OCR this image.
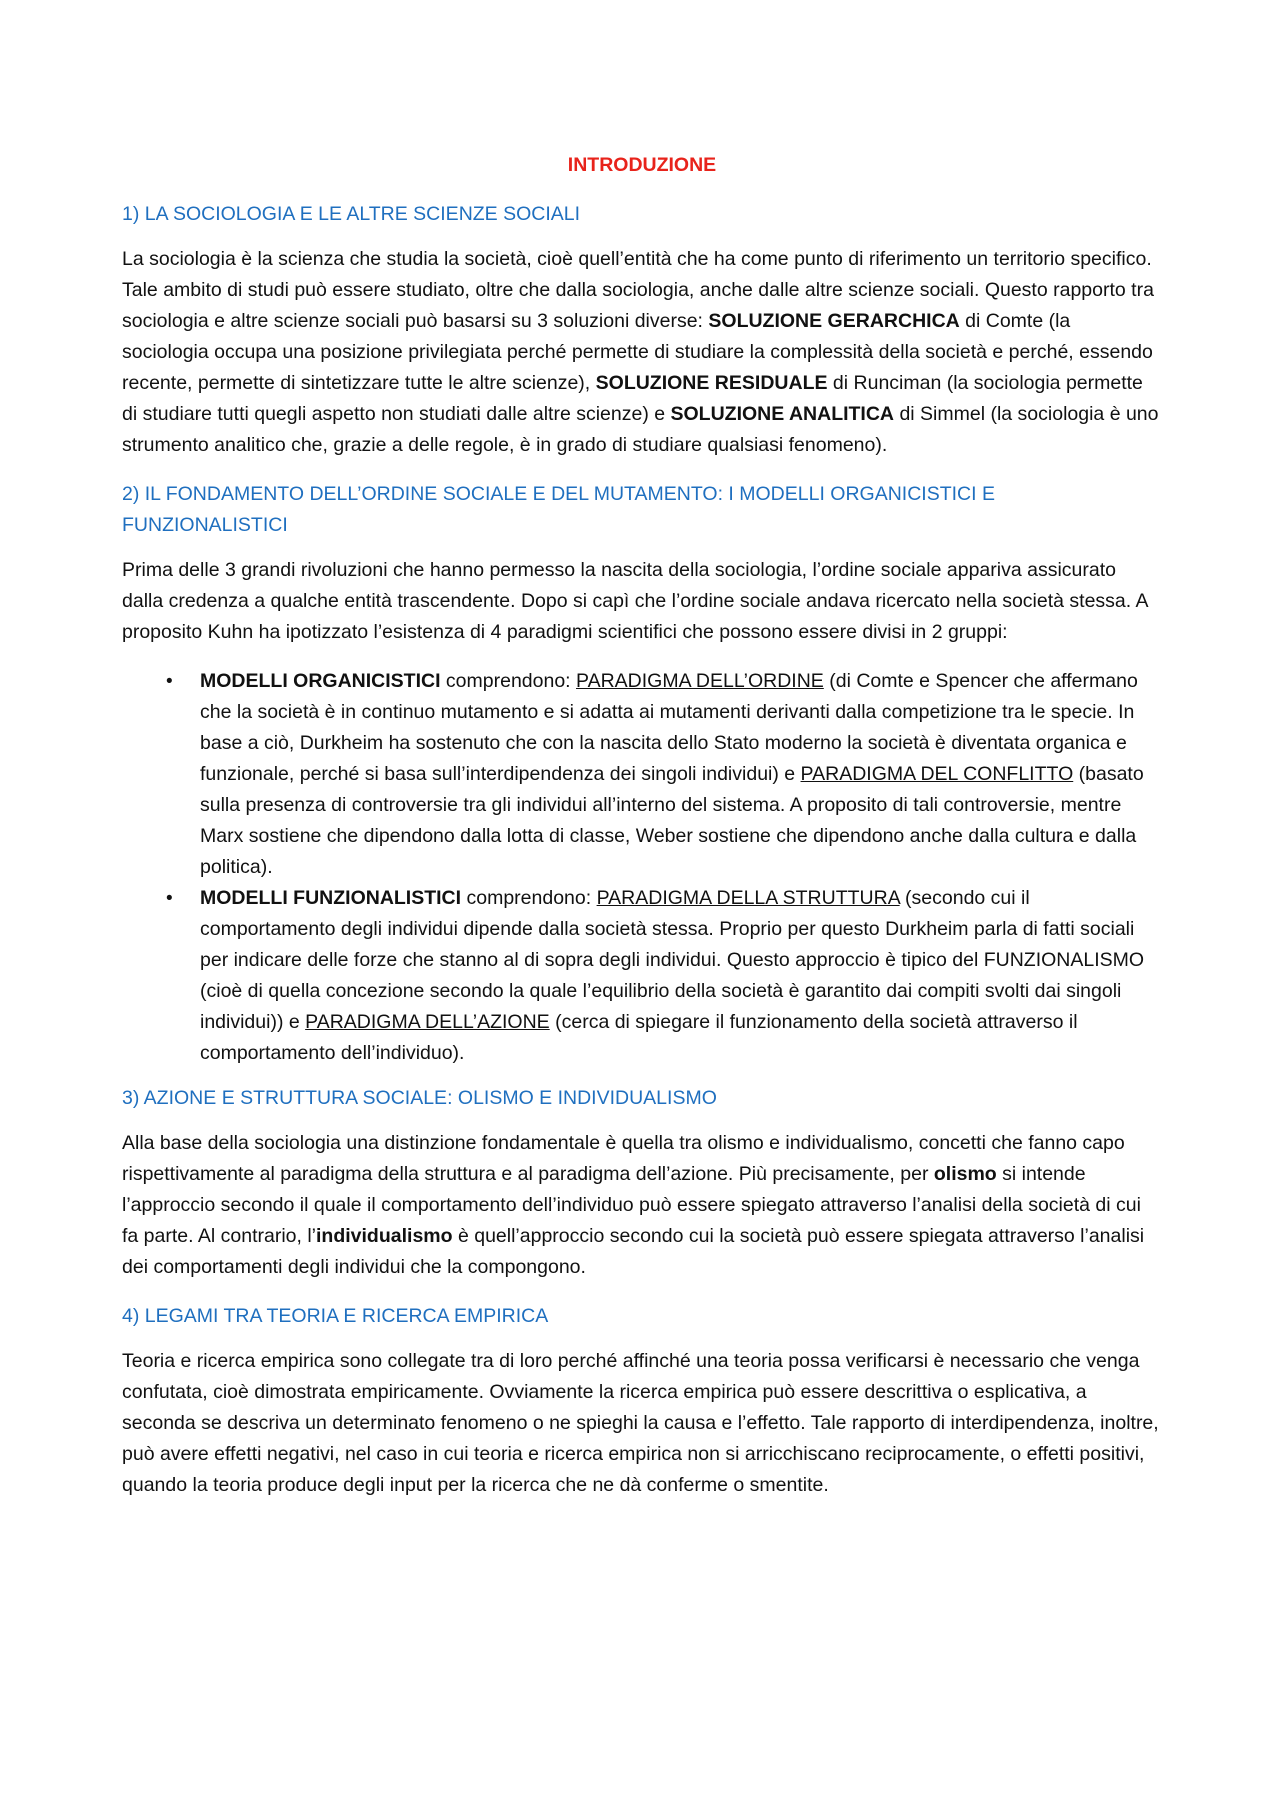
INTRODUZIONE
1) LA SOCIOLOGIA E LE ALTRE SCIENZE SOCIALI

La sociologia è la scienza che studia la società, cioè quell’entità che ha come punto di riferimento un territorio specifico. Tale ambito di studi può essere studiato, oltre che dalla sociologia, anche dalle altre scienze sociali. Questo rapporto tra sociologia e altre scienze sociali può basarsi su 3 soluzioni diverse: SOLUZIONE GERARCHICA di Comte (la sociologia occupa una posizione privilegiata perché permette di studiare la complessità della società e perché, essendo recente, permette di sintetizzare tutte le altre scienze), SOLUZIONE RESIDUALE di Runciman (la sociologia permette di studiare tutti quegli aspetto non studiati dalle altre scienze) e SOLUZIONE ANALITICA di Simmel (la sociologia è uno strumento analitico che, grazie a delle regole, è in grado di studiare qualsiasi fenomeno).

2) IL FONDAMENTO DELL’ORDINE SOCIALE E DEL MUTAMENTO: I MODELLI ORGANICISTICI E FUNZIONALISTICI

Prima delle 3 grandi rivoluzioni che hanno permesso la nascita della sociologia, l’ordine sociale appariva assicurato dalla credenza a qualche entità trascendente. Dopo si capì che l’ordine sociale andava ricercato nella società stessa. A proposito Kuhn ha ipotizzato l’esistenza di 4 paradigmi scientifici che possono essere divisi in 2 gruppi:

• MODELLI ORGANICISTICI comprendono: PARADIGMA DELL’ORDINE (di Comte e Spencer che affermano che la società è in continuo mutamento e si adatta ai mutamenti derivanti dalla competizione tra le specie. In base a ciò, Durkheim ha sostenuto che con la nascita dello Stato moderno la società è diventata organica e funzionale, perché si basa sull’interdipendenza dei singoli individui) e PARADIGMA DEL CONFLITTO (basato sulla presenza di controversie tra gli individui all’interno del sistema. A proposito di tali controversie, mentre Marx sostiene che dipendono dalla lotta di classe, Weber sostiene che dipendono anche dalla cultura e dalla politica).
• MODELLI FUNZIONALISTICI comprendono: PARADIGMA DELLA STRUTTURA (secondo cui il comportamento degli individui dipende dalla società stessa. Proprio per questo Durkheim parla di fatti sociali per indicare delle forze che stanno al di sopra degli individui. Questo approccio è tipico del FUNZIONALISMO (cioè di quella concezione secondo la quale l’equilibrio della società è garantito dai compiti svolti dai singoli individui)) e PARADIGMA DELL’AZIONE (cerca di spiegare il funzionamento della società attraverso il comportamento dell’individuo).
3) AZIONE E STRUTTURA SOCIALE: OLISMO E INDIVIDUALISMO

Alla base della sociologia una distinzione fondamentale è quella tra olismo e individualismo, concetti che fanno capo rispettivamente al paradigma della struttura e al paradigma dell’azione. Più precisamente, per olismo si intende l’approccio secondo il quale il comportamento dell’individuo può essere spiegato attraverso l’analisi della società di cui fa parte. Al contrario, l’individualismo è quell’approccio secondo cui la società può essere spiegata attraverso l’analisi dei comportamenti degli individui che la compongono.

4) LEGAMI TRA TEORIA E RICERCA EMPIRICA

Teoria e ricerca empirica sono collegate tra di loro perché affinché una teoria possa verificarsi è necessario che venga confutata, cioè dimostrata empiricamente. Ovviamente la ricerca empirica può essere descrittiva o esplicativa, a seconda se descriva un determinato fenomeno o ne spieghi la causa e l’effetto. Tale rapporto di interdipendenza, inoltre, può avere effetti negativi, nel caso in cui teoria e ricerca empirica non si arricchiscano reciprocamente, o effetti positivi, quando la teoria produce degli input per la ricerca che ne dà conferme o smentite.
